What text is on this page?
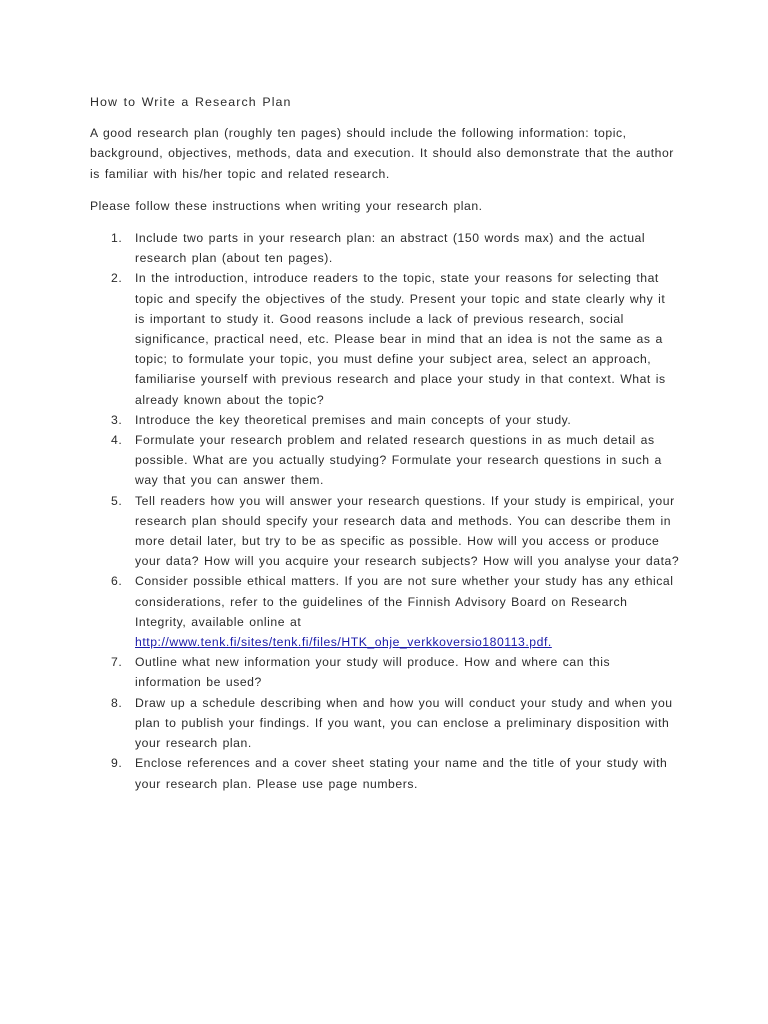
How to Write a Research Plan

A good research plan (roughly ten pages) should include the following information: topic, background, objectives, methods, data and execution. It should also demonstrate that the author is familiar with his/her topic and related research.

Please follow these instructions when writing your research plan.

1. Include two parts in your research plan: an abstract (150 words max) and the actual research plan (about ten pages).
2. In the introduction, introduce readers to the topic, state your reasons for selecting that topic and specify the objectives of the study. Present your topic and state clearly why it is important to study it. Good reasons include a lack of previous research, social significance, practical need, etc. Please bear in mind that an idea is not the same as a topic; to formulate your topic, you must define your subject area, select an approach, familiarise yourself with previous research and place your study in that context. What is already known about the topic?
3. Introduce the key theoretical premises and main concepts of your study.
4. Formulate your research problem and related research questions in as much detail as possible. What are you actually studying? Formulate your research questions in such a way that you can answer them.
5. Tell readers how you will answer your research questions. If your study is empirical, your research plan should specify your research data and methods. You can describe them in more detail later, but try to be as specific as possible. How will you access or produce your data? How will you acquire your research subjects? How will you analyse your data?
6. Consider possible ethical matters. If you are not sure whether your study has any ethical considerations, refer to the guidelines of the Finnish Advisory Board on Research Integrity, available online at http://www.tenk.fi/sites/tenk.fi/files/HTK_ohje_verkkoversio180113.pdf.
7. Outline what new information your study will produce. How and where can this information be used?
8. Draw up a schedule describing when and how you will conduct your study and when you plan to publish your findings. If you want, you can enclose a preliminary disposition with your research plan.
9. Enclose references and a cover sheet stating your name and the title of your study with your research plan. Please use page numbers.
